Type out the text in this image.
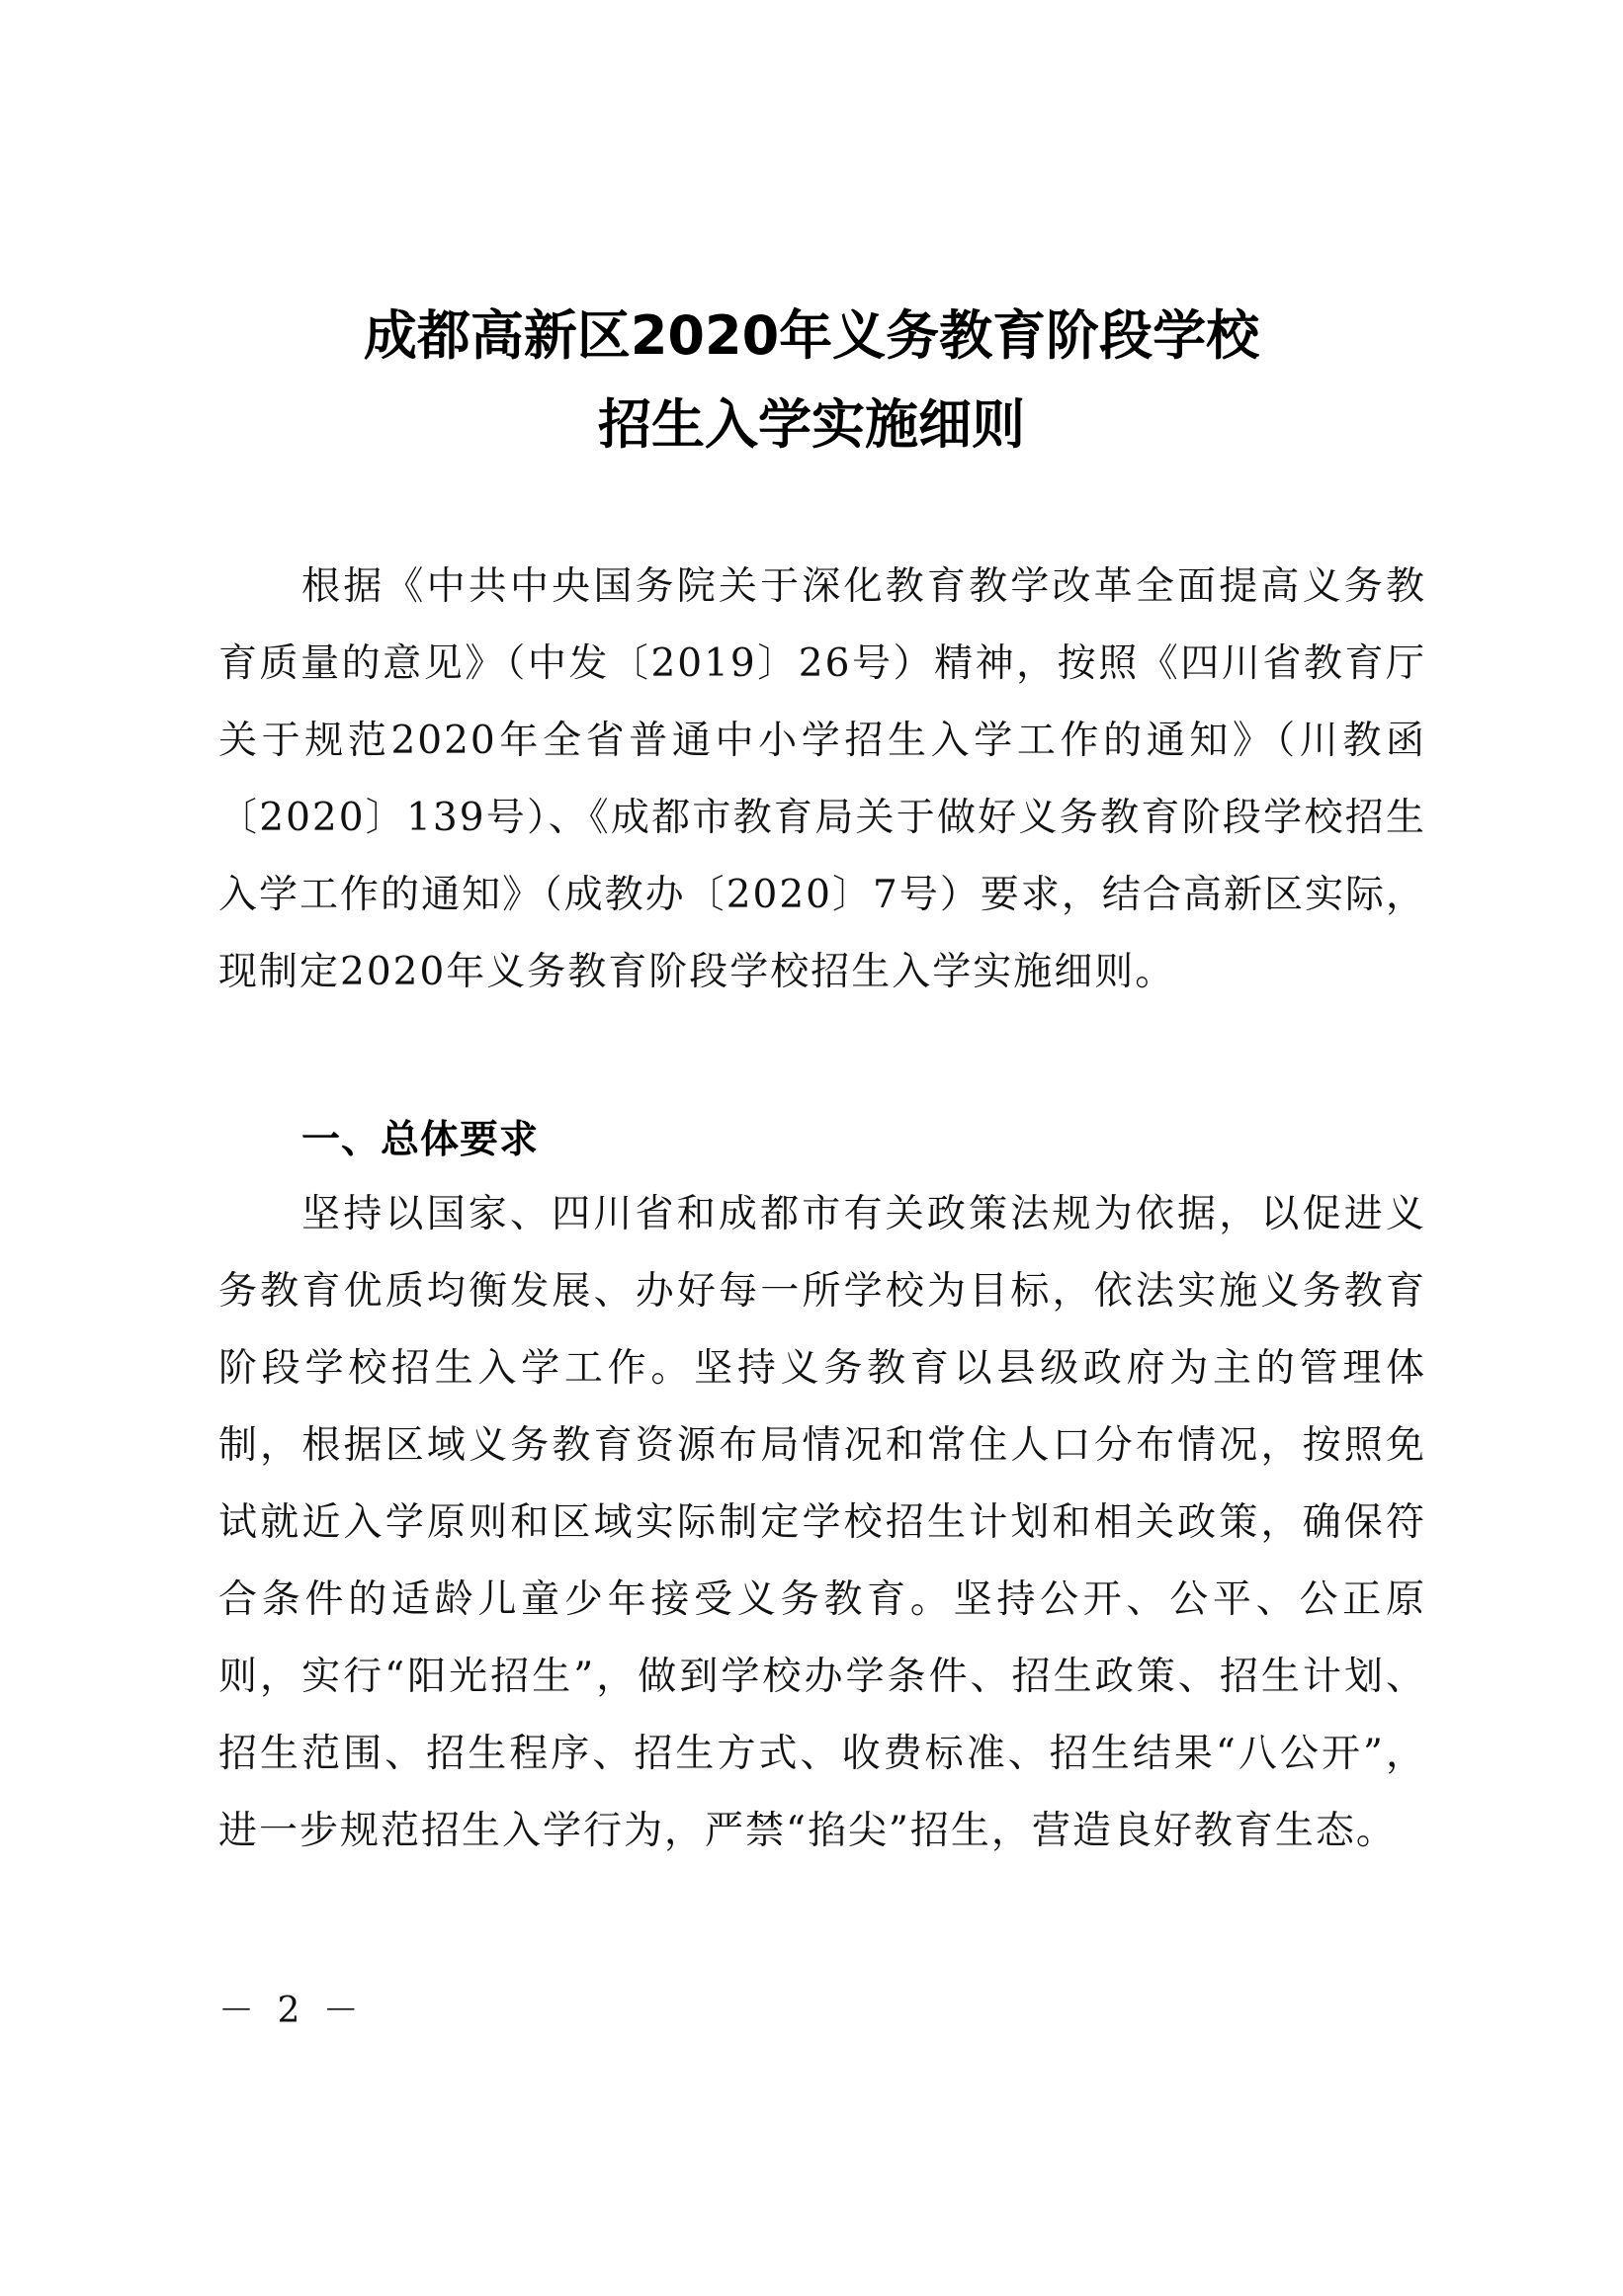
成都高新区2020年义务教育阶段学校
招生入学实施细则

根据《中共中央国务院关于深化教育教学改革全面提高义务教育质量的意见》（中发〔2019〕26号）精神，按照《四川省教育厅关于规范2020年全省普通中小学招生入学工作的通知》（川教函〔2020〕139号）、《成都市教育局关于做好义务教育阶段学校招生入学工作的通知》（成教办〔2020〕7号）要求，结合高新区实际，现制定2020年义务教育阶段学校招生入学实施细则。

一、总体要求

坚持以国家、四川省和成都市有关政策法规为依据，以促进义务教育优质均衡发展、办好每一所学校为目标，依法实施义务教育阶段学校招生入学工作。坚持义务教育以县级政府为主的管理体制，根据区域义务教育资源布局情况和常住人口分布情况，按照免试就近入学原则和区域实际制定学校招生计划和相关政策，确保符合条件的适龄儿童少年接受义务教育。坚持公开、公平、公正原则，实行“阳光招生”，做到学校办学条件、招生政策、招生计划、招生范围、招生程序、招生方式、收费标准、招生结果“八公开”，进一步规范招生入学行为，严禁“掐尖”招生，营造良好教育生态。

－ 2 －
